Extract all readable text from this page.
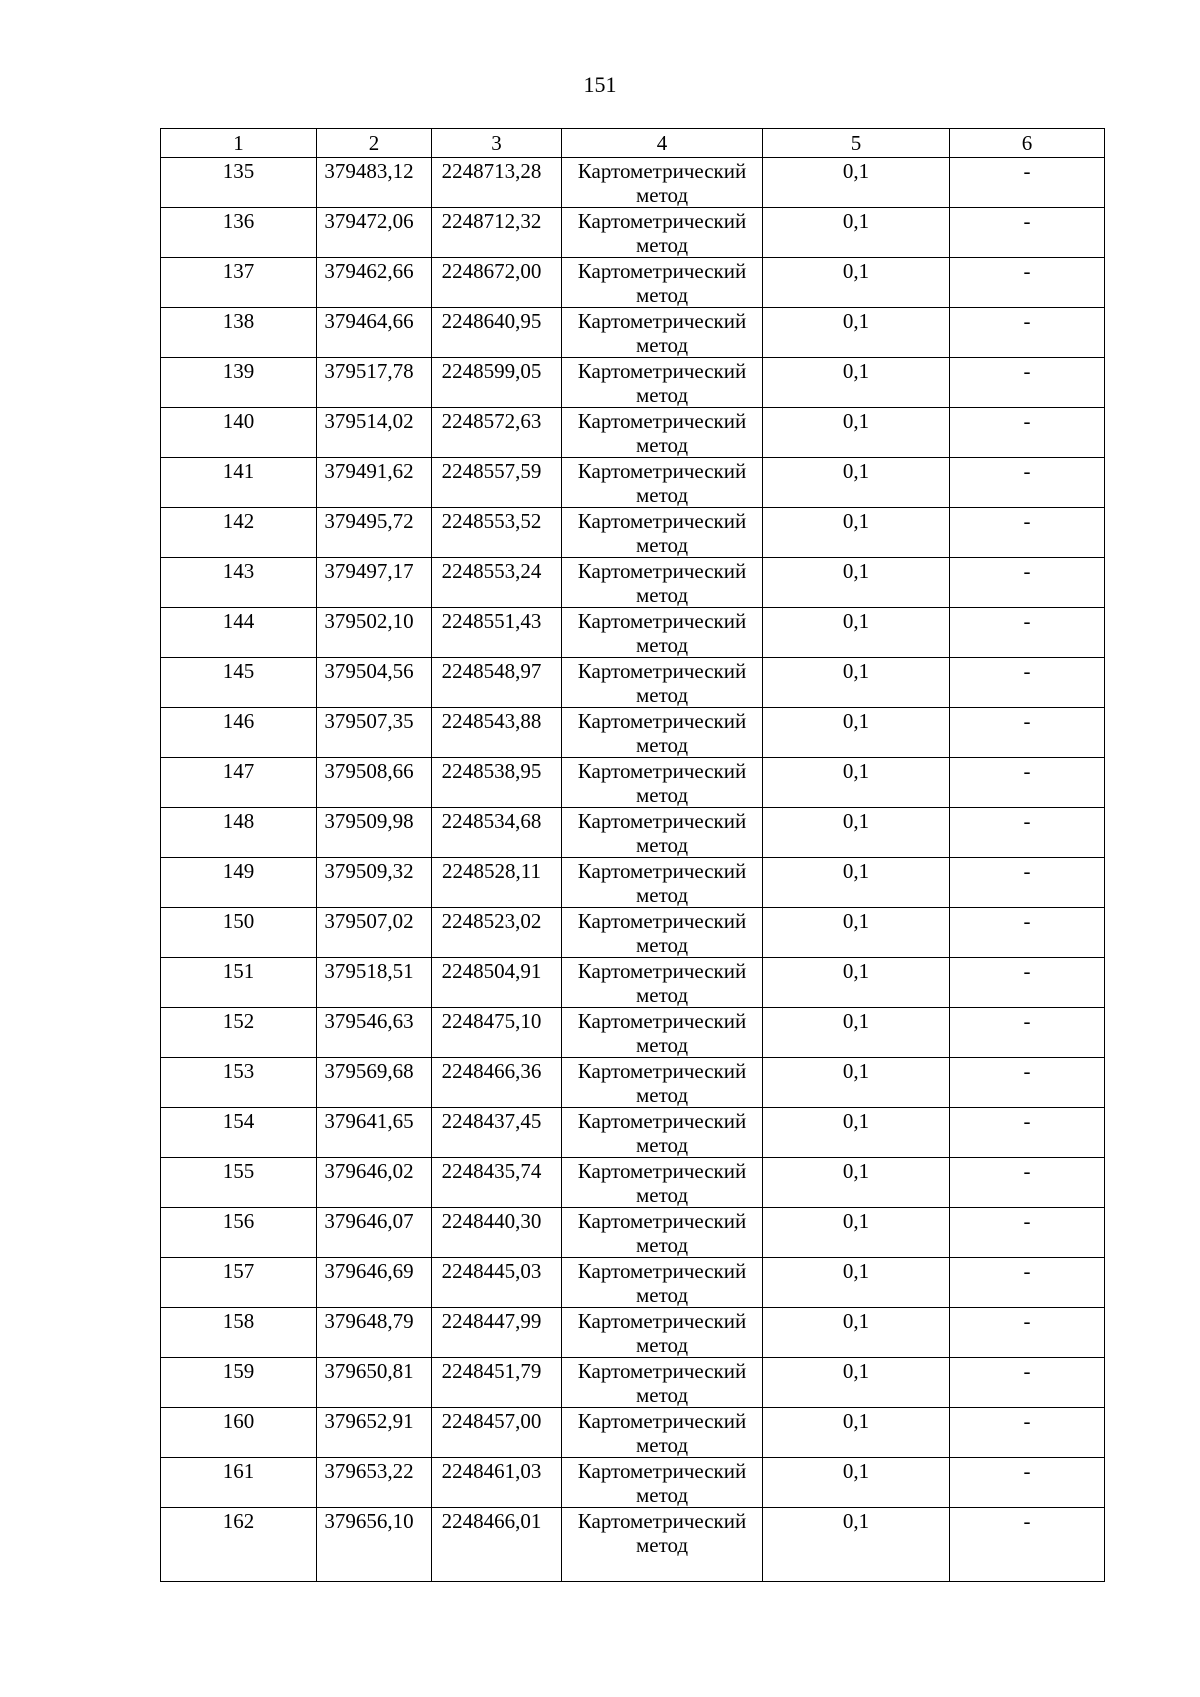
151
1	2	3	4	5	6
135	379483,12	2248713,28	Картометрический метод	0,1	-
136	379472,06	2248712,32	Картометрический метод	0,1	-
137	379462,66	2248672,00	Картометрический метод	0,1	-
138	379464,66	2248640,95	Картометрический метод	0,1	-
139	379517,78	2248599,05	Картометрический метод	0,1	-
140	379514,02	2248572,63	Картометрический метод	0,1	-
141	379491,62	2248557,59	Картометрический метод	0,1	-
142	379495,72	2248553,52	Картометрический метод	0,1	-
143	379497,17	2248553,24	Картометрический метод	0,1	-
144	379502,10	2248551,43	Картометрический метод	0,1	-
145	379504,56	2248548,97	Картометрический метод	0,1	-
146	379507,35	2248543,88	Картометрический метод	0,1	-
147	379508,66	2248538,95	Картометрический метод	0,1	-
148	379509,98	2248534,68	Картометрический метод	0,1	-
149	379509,32	2248528,11	Картометрический метод	0,1	-
150	379507,02	2248523,02	Картометрический метод	0,1	-
151	379518,51	2248504,91	Картометрический метод	0,1	-
152	379546,63	2248475,10	Картометрический метод	0,1	-
153	379569,68	2248466,36	Картометрический метод	0,1	-
154	379641,65	2248437,45	Картометрический метод	0,1	-
155	379646,02	2248435,74	Картометрический метод	0,1	-
156	379646,07	2248440,30	Картометрический метод	0,1	-
157	379646,69	2248445,03	Картометрический метод	0,1	-
158	379648,79	2248447,99	Картометрический метод	0,1	-
159	379650,81	2248451,79	Картометрический метод	0,1	-
160	379652,91	2248457,00	Картометрический метод	0,1	-
161	379653,22	2248461,03	Картометрический метод	0,1	-
162	379656,10	2248466,01	Картометрический метод	0,1	-
